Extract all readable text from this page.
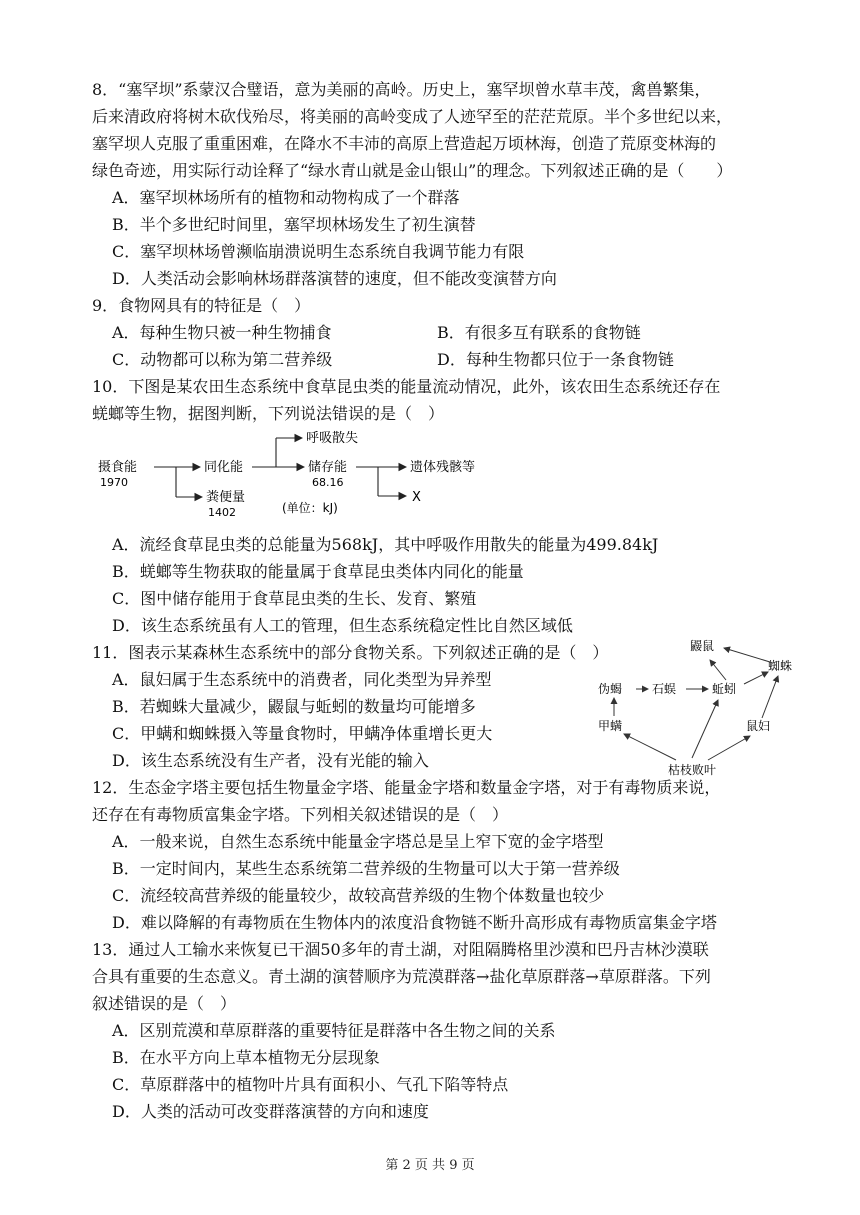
8．“塞罕坝”系蒙汉合璧语，意为美丽的高岭。历史上，塞罕坝曾水草丰茂，禽兽繁集，
后来清政府将树木砍伐殆尽，将美丽的高岭变成了人迹罕至的茫茫荒原。半个多世纪以来，
塞罕坝人克服了重重困难，在降水不丰沛的高原上营造起万顷林海，创造了荒原变林海的
绿色奇迹，用实际行动诠释了“绿水青山就是金山银山”的理念。下列叙述正确的是（　　）
A．塞罕坝林场所有的植物和动物构成了一个群落
B．半个多世纪时间里，塞罕坝林场发生了初生演替
C．塞罕坝林场曾濒临崩溃说明生态系统自我调节能力有限
D．人类活动会影响林场群落演替的速度，但不能改变演替方向
9．食物网具有的特征是（　）
A．每种生物只被一种生物捕食	B．有很多互有联系的食物链
C．动物都可以称为第二营养级	D．每种生物都只位于一条食物链
10．下图是某农田生态系统中食草昆虫类的能量流动情况，此外，该农田生态系统还存在
蜣螂等生物，据图判断，下列说法错误的是（　）
摄食能
1970
同化能
呼吸散失
储存能
68.16
遗体残骸等
X
粪便量
1402	(单位：kJ)
A．流经食草昆虫类的总能量为568kJ，其中呼吸作用散失的能量为499.84kJ
B．蜣螂等生物获取的能量属于食草昆虫类体内同化的能量
C．图中储存能用于食草昆虫类的生长、发育、繁殖
D．该生态系统虽有人工的管理，但生态系统稳定性比自然区域低
11．图表示某森林生态系统中的部分食物关系。下列叙述正确的是（　）
A．鼠妇属于生态系统中的消费者，同化类型为异养型
B．若蜘蛛大量减少，鼹鼠与蚯蚓的数量均可能增多
C．甲螨和蜘蛛摄入等量食物时，甲螨净体重增长更大
D．该生态系统没有生产者，没有光能的输入
鼹鼠
蜘蛛
伪蝎 石蜈	蚯蚓
甲螨	鼠妇
枯枝败叶
12．生态金字塔主要包括生物量金字塔、能量金字塔和数量金字塔，对于有毒物质来说，
还存在有毒物质富集金字塔。下列相关叙述错误的是（　）
A．一般来说，自然生态系统中能量金字塔总是呈上窄下宽的金字塔型
B．一定时间内，某些生态系统第二营养级的生物量可以大于第一营养级
C．流经较高营养级的能量较少，故较高营养级的生物个体数量也较少
D．难以降解的有毒物质在生物体内的浓度沿食物链不断升高形成有毒物质富集金字塔
13．通过人工输水来恢复已干涸50多年的青土湖，对阻隔腾格里沙漠和巴丹吉林沙漠联
合具有重要的生态意义。青土湖的演替顺序为荒漠群落→盐化草原群落→草原群落。下列
叙述错误的是（　）
A．区别荒漠和草原群落的重要特征是群落中各生物之间的关系
B．在水平方向上草本植物无分层现象
C．草原群落中的植物叶片具有面积小、气孔下陷等特点
D．人类的活动可改变群落演替的方向和速度
第 2 页 共 9 页
